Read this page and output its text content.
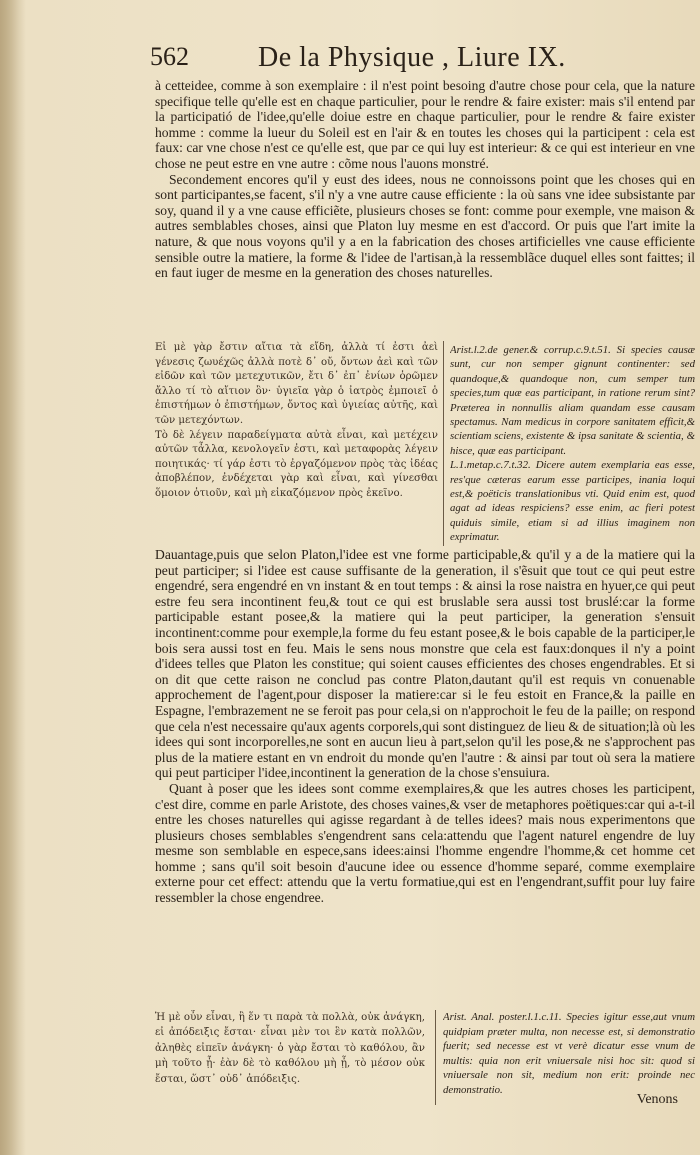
562 De la Physique , Liure IX.

à cetteidee, comme à son exemplaire : il n'est point besoing d'autre chose pour cela, que la nature specifique telle qu'elle est en chaque particulier, pour le rendre & faire exister: mais s'il entend par la participatió de l'idee,qu'elle doiue estre en chaque particulier, pour le rendre & faire exister homme : comme la lueur du Soleil est en l'air & en toutes les choses qui la participent : cela est faux: car vne chose n'est ce qu'elle est, que par ce qui luy est interieur: & ce qui est interieur en vne chose ne peut estre en vne autre : cõme nous l'auons monstré.

Secondement encores qu'il y eust des idees, nous ne connoissons point que les choses qui en sont participantes,se facent, s'il n'y a vne autre cause efficiente : la où sans vne idee subsistante par soy, quand il y a vne cause efficiẽte, plusieurs choses se font: comme pour exemple, vne maison & autres semblables choses, ainsi que Platon luy mesme en est d'accord. Or puis que l'art imite la nature, & que nous voyons qu'il y a en la fabrication des choses artificielles vne cause efficiente sensible outre la matiere, la forme & l'idee de l'artisan,à la ressemblãce duquel elles sont faittes; il en faut iuger de mesme en la generation des choses naturelles.

Εἰ μὲ γὰρ ἔστιν αἴτια τὰ εἴδη, ἀλλὰ τί ἐστι ἀεὶ γένεσις ζωυέχῶς ἀλλὰ ποτὲ δ᾽ οὔ, ὄντων ἀεὶ καὶ τῶν εἰδῶν καὶ τῶν μετεχυτικῶν, ἔτι δ᾽ ἐπ᾽ ἐνίων ὁρῶμεν ἄλλο τί τὸ αἴτιον ὂν· ὑγιεῖα γὰρ ὁ ἰατρὸς ἐμποιεῖ ὁ ἐπιστήμων ὁ ἐπιστήμων, ὄντος καὶ ὑγιείας αὐτῆς, καὶ τῶν μετεχόντων.

Τὸ δὲ λέγειν παραδείγματα αὐτὰ εἶναι, καὶ μετέχειν αὐτῶν τἆλλα, κενολογεῖν ἐστι, καὶ μεταφορὰς λέγειν ποιητικάς· τί γάρ ἐστι τὸ ἐργαζόμενον πρὸς τὰς ἰδέας ἀποβλέπον, ἐνδέχεται γὰρ καὶ εἶναι, καὶ γίνεσθαι ὅμοιον ὁτιοῦν, καὶ μὴ εἰκαζόμενον πρὸς ἐκεῖνο.

Arist.l.2.de gener.& corrup.c.9.t.51. Si species causæ sunt, cur non semper gignunt continenter: sed quandoque,& quandoque non, cum semper tum species,tum quæ eas participant, in ratione rerum sint? Præterea in nonnullis aliam quandam esse causam spectamus. Nam medicus in corpore sanitatem efficit,& scientiam sciens, existente & ipsa sanitate & scientia, & hisce, quæ eas participant.

L.1.metap.c.7.t.32. Dicere autem exemplaria eas esse, res'que cæteras earum esse participes, inania loqui est,& poëticis translationibus vti. Quid enim est, quod agat ad ideas respiciens? esse enim, ac fieri potest quiduis simile, etiam si ad illius imaginem non exprimatur.

Dauantage,puis que selon Platon,l'idee est vne forme participable,& qu'il y a de la matiere qui la peut participer; si l'idee est cause suffisante de la generation, il s'ẽsuit que tout ce qui peut estre engendré, sera engendré en vn instant & en tout temps : & ainsi la rose naistra en hyuer,ce qui peut estre feu sera incontinent feu,& tout ce qui est bruslable sera aussi tost bruslé:car la forme participable estant posee,& la matiere qui la peut participer, la generation s'ensuit incontinent:comme pour exemple,la forme du feu estant posee,& le bois capable de la participer,le bois sera aussi tost en feu. Mais le sens nous monstre que cela est faux:donques il n'y a point d'idees telles que Platon les constitue; qui soient causes efficientes des choses engendrables. Et si on dit que cette raison ne conclud pas contre Platon,dautant qu'il est requis vn conuenable approchement de l'agent,pour disposer la matiere:car si le feu estoit en France,& la paille en Espagne, l'embrazement ne se feroit pas pour cela,si on n'approchoit le feu de la paille; on respond que cela n'est necessaire qu'aux agents corporels,qui sont distinguez de lieu & de situation;là où les idees qui sont incorporelles,ne sont en aucun lieu à part,selon qu'il les pose,& ne s'approchent pas plus de la matiere estant en vn endroit du monde qu'en l'autre : & ainsi par tout où sera la matiere qui peut participer l'idee,incontinent la generation de la chose s'ensuiura.

Quant à poser que les idees sont comme exemplaires,& que les autres choses les participent, c'est dire, comme en parle Aristote, des choses vaines,& vser de metaphores poëtiques:car qui a-t-il entre les choses naturelles qui agisse regardant à de telles idees? mais nous experimentons que plusieurs choses semblables s'engendrent sans cela:attendu que l'agent naturel engendre de luy mesme son semblable en espece,sans idees:ainsi l'homme engendre l'homme,& cet homme cet homme ; sans qu'il soit besoin d'aucune idee ou essence d'homme separé, comme exemplaire externe pour cet effect: attendu que la vertu formatiue,qui est en l'engendrant,suffit pour luy faire ressembler la chose engendree.

Ἡ μὲ οὖν εἶναι, ἢ ἕν τι παρὰ τὰ πολλὰ, οὐκ ἀνάγκη, εἰ ἀπόδειξις ἔσται· εἶναι μὲν τοι ἓν κατὰ πολλῶν, ἀληθὲς εἰπεῖν ἀνάγκη· ὁ γὰρ ἔσται τὸ καθόλου, ἂν μὴ τοῦτο ᾖ· ἐὰν δὲ τὸ καθόλου μὴ ᾖ, τὸ μέσον οὐκ ἔσται, ὥστ᾽ οὐδ᾽ ἀπόδειξις.
Arist. Anal. poster.l.1.c.11. Species igitur esse,aut vnum quidpiam præter multa, non necesse est, si demonstratio fuerit; sed necesse est vt verè dicatur esse vnum de multis: quia non erit vniuersale nisi hoc sit: quod si vniuersale non sit, medium non erit: proinde nec demonstratio.
Venons
